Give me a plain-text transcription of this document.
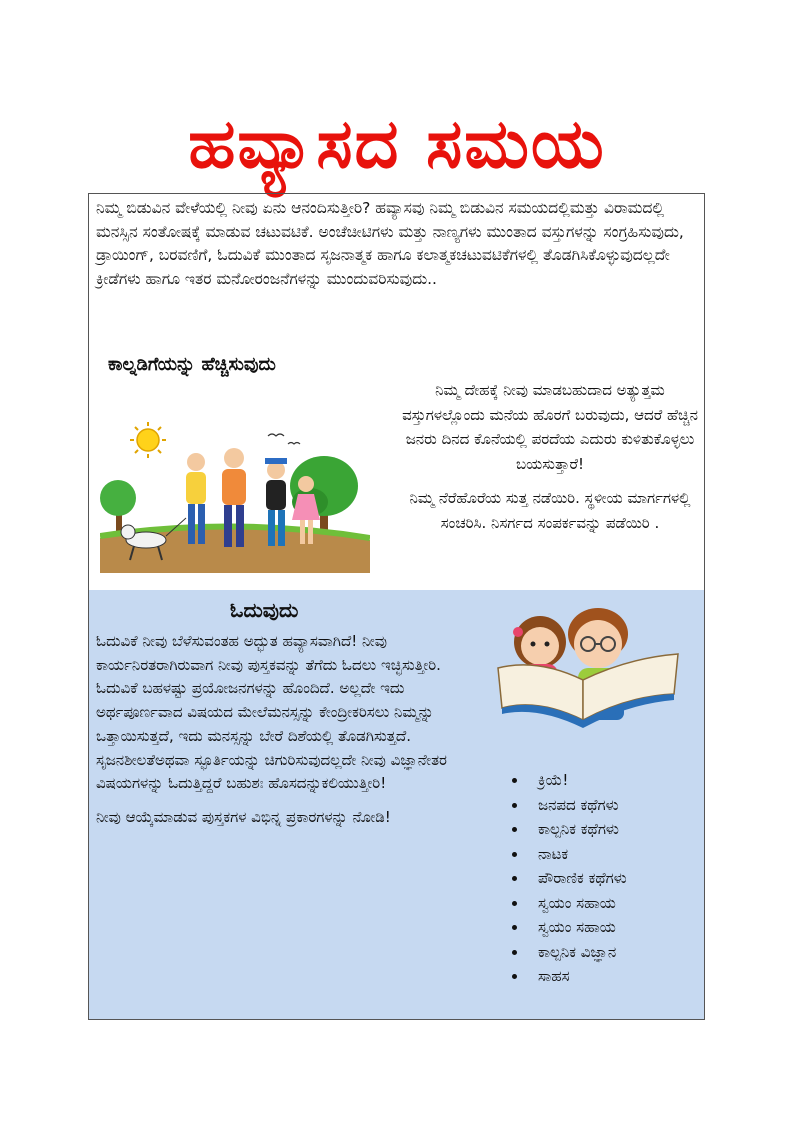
ಹವ್ಯಾಸದ ಸಮಯ

ನಿಮ್ಮ ಬಿಡುವಿನ ವೇಳೆಯಲ್ಲಿ ನೀವು ಏನು ಆನಂದಿಸುತ್ತೀರಿ? ಹವ್ಯಾಸವು ನಿಮ್ಮ ಬಿಡುವಿನ ಸಮಯದಲ್ಲಿಮತ್ತು ವಿರಾಮದಲ್ಲಿ ಮನಸ್ಸಿನ ಸಂತೋಷಕ್ಕೆ ಮಾಡುವ ಚಟುವಟಿಕೆ. ಅಂಚೆಚೀಟಿಗಳು ಮತ್ತು ನಾಣ್ಯಗಳು ಮುಂತಾದ ವಸ್ತುಗಳನ್ನು ಸಂಗ್ರಹಿಸುವುದು, ಡ್ರಾಯಿಂಗ್, ಬರವಣಿಗೆ, ಓದುವಿಕೆ ಮುಂತಾದ ಸೃಜನಾತ್ಮಕ ಹಾಗೂ ಕಲಾತ್ಮಕಚಟುವಟಿಕೆಗಳಲ್ಲಿ ತೊಡಗಿಸಿಕೊಳ್ಳುವುದಲ್ಲದೇ ಕ್ರೀಡೆಗಳು ಹಾಗೂ ಇತರ ಮನೋರಂಜನೆಗಳನ್ನು ಮುಂದುವರಿಸುವುದು..

ಕಾಲ್ನಡಿಗೆಯನ್ನು ಹೆಚ್ಚಿಸುವುದು

ನಿಮ್ಮ ದೇಹಕ್ಕೆ ನೀವು ಮಾಡಬಹುದಾದ ಅತ್ಯುತ್ತಮ ವಸ್ತುಗಳಲ್ಲೊಂದು ಮನೆಯ ಹೊರಗೆ ಬರುವುದು, ಆದರೆ ಹೆಚ್ಚಿನ ಜನರು ದಿನದ ಕೊನೆಯಲ್ಲಿ ಪರದೆಯ ಎದುರು ಕುಳಿತುಕೊಳ್ಳಲು ಬಯಸುತ್ತಾರೆ!

ನಿಮ್ಮ ನೆರೆಹೊರೆಯ ಸುತ್ತ ನಡೆಯಿರಿ. ಸ್ಥಳೀಯ ಮಾರ್ಗಗಳಲ್ಲಿ ಸಂಚರಿಸಿ. ನಿಸರ್ಗದ ಸಂಪರ್ಕವನ್ನು ಪಡೆಯಿರಿ .

ಓದುವುದು

ಓದುವಿಕೆ ನೀವು ಬೆಳೆಸುವಂತಹ ಅದ್ಭುತ ಹವ್ಯಾಸವಾಗಿದೆ! ನೀವು ಕಾರ್ಯನಿರತರಾಗಿರುವಾಗ ನೀವು ಪುಸ್ತಕವನ್ನು ತೆಗೆದು ಓದಲು ಇಚ್ಛಿಸುತ್ತೀರಿ. ಓದುವಿಕೆ ಬಹಳಷ್ಟು ಪ್ರಯೋಜನಗಳನ್ನು ಹೊಂದಿದೆ. ಅಲ್ಲದೇ ಇದು ಅರ್ಥಪೂರ್ಣವಾದ ವಿಷಯದ ಮೇಲೆಮನಸ್ಸನ್ನು ಕೇಂದ್ರೀಕರಿಸಲು ನಿಮ್ಮನ್ನು ಒತ್ತಾಯಿಸುತ್ತದೆ, ಇದು ಮನಸ್ಸನ್ನು ಬೇರೆ ದಿಶೆಯಲ್ಲಿ ತೊಡಗಿಸುತ್ತದೆ. ಸೃಜನಶೀಲತೆಅಥವಾ ಸ್ಫೂರ್ತಿಯನ್ನು ಚಿಗುರಿಸುವುದಲ್ಲದೇ ನೀವು ವಿಜ್ಞಾನೇತರ ವಿಷಯಗಳನ್ನು ಓದುತ್ತಿದ್ದರೆ ಬಹುಶಃ ಹೊಸದನ್ನುಕಲಿಯುತ್ತೀರಿ!

ನೀವು ಆಯ್ಕೆಮಾಡುವ ಪುಸ್ತಕಗಳ ವಿಭಿನ್ನ ಪ್ರಕಾರಗಳನ್ನು ನೋಡಿ!

ಕ್ರಿಯೆ!
ಜನಪದ ಕಥೆಗಳು
ಕಾಲ್ಪನಿಕ ಕಥೆಗಳು
ನಾಟಕ
ಪೌರಾಣಿಕ ಕಥೆಗಳು
ಸ್ವಯಂ ಸಹಾಯ
ಸ್ವಯಂ ಸಹಾಯ
ಕಾಲ್ಪನಿಕ ವಿಜ್ಞಾನ
ಸಾಹಸ
